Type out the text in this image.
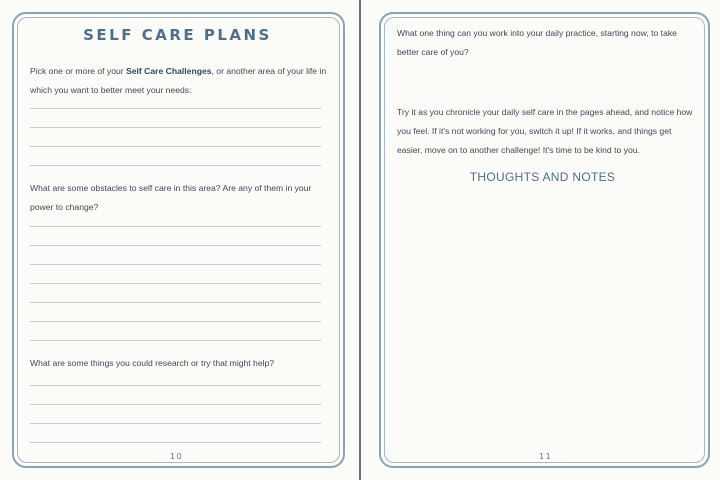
SELF CARE PLANS
Pick one or more of your Self Care Challenges, or another area of your life in which you want to better meet your needs:
What are some obstacles to self care in this area? Are any of them in your power to change?
What are some things you could research or try that might help?
10	11
What one thing can you work into your daily practice, starting now, to take better care of you?
Try it as you chronicle your daily self care in the pages ahead, and notice how you feel. If it's not working for you, switch it up! If it works, and things get easier, move on to another challenge! It's time to be kind to you.
THOUGHTS AND NOTES
